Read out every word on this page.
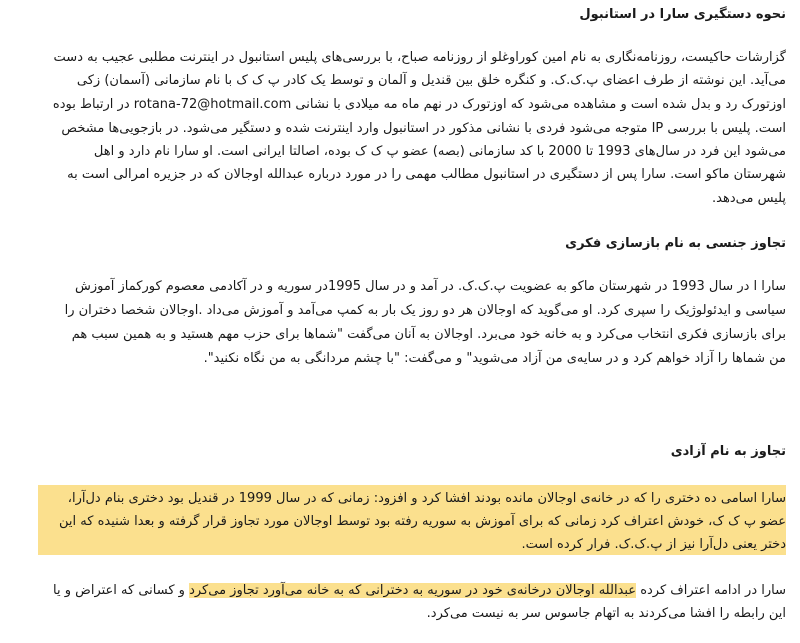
نحوه دستگیری سارا در استانبول
گزارشات حاکیست، روزنامه‌نگاری به نام امین کوراوغلو از روزنامه صباح، با بررسی‌های پلیس استانبول در اینترنت مطلبی عجیب به دست
می‌آید. این نوشته از طرف اعضای پ.ک.ک. و کنگره خلق بین قندیل و آلمان و توسط یک کادر پ ک ک با نام سازمانی (آسمان) زکی
اوزتورک رد و بدل شده است و مشاهده می‌شود که اوزتورک در نهم ماه مه میلادی با نشانی rotana-72@hotmail.com در ارتباط بوده
است. پلیس با بررسی IP متوجه می‌شود فردی با نشانی مذکور در استانبول وارد اینترنت شده و دستگیر می‌شود. در بازجویی‌ها مشخص
می‌شود این فرد در سال‌های 1993 تا 2000 با کد سازمانی (بصه) عضو پ ک ک بوده، اصالتا ایرانی است. او سارا نام دارد و اهل
شهرستان ماکو است. سارا پس از دستگیری در استانبول مطالب مهمی را در مورد درباره عبدالله اوجالان که در جزیره امرالی است به
پلیس می‌دهد.
تجاوز جنسی به نام بازسازی فکری
سارا ا در سال 1993 در شهرستان ماکو به عضویت پ.ک.ک. در آمد و در سال 1995در سوریه و در آکادمی معصوم کورکماز آموزش
سیاسی و ایدئولوژیک را سپری کرد. او می‌گوید که اوجالان هر دو روز یک بار به کمپ می‌آمد و آموزش می‌داد .اوجالان شخصا دختران را
برای بازسازی فکری انتخاب می‌کرد و به خانه خود می‌برد. اوجالان به آنان می‌گفت "شماها برای حزب مهم هستید و به همین سبب هم
من شماها را آزاد خواهم کرد و در سایه‌ی من آزاد می‌شوید" و می‌گفت: "با چشم مردانگی به من نگاه نکنید".
تجاوز به نام آزادی
سارا اسامی ده دختری را که در خانه‌ی اوجالان مانده بودند افشا کرد و افزود: زمانی که در سال 1999 در قندیل بود دختری بنام دل‌آرا،
عضو پ ک ک، خودش اعتراف کرد زمانی که برای آموزش به سوریه رفته بود توسط اوجالان مورد تجاوز قرار گرفته و بعدا شنیده که این
دختر یعنی دل‌آرا نیز از پ.ک.ک. فرار کرده است.
سارا در ادامه اعتراف کرده عبدالله اوجالان درخانه‌ی خود در سوریه به دخترانی که به خانه می‌آورد تجاوز می‌کرد و کسانی که اعتراض و یا
این رابطه را افشا می‌کردند به اتهام جاسوس سر به نیست می‌کرد.
